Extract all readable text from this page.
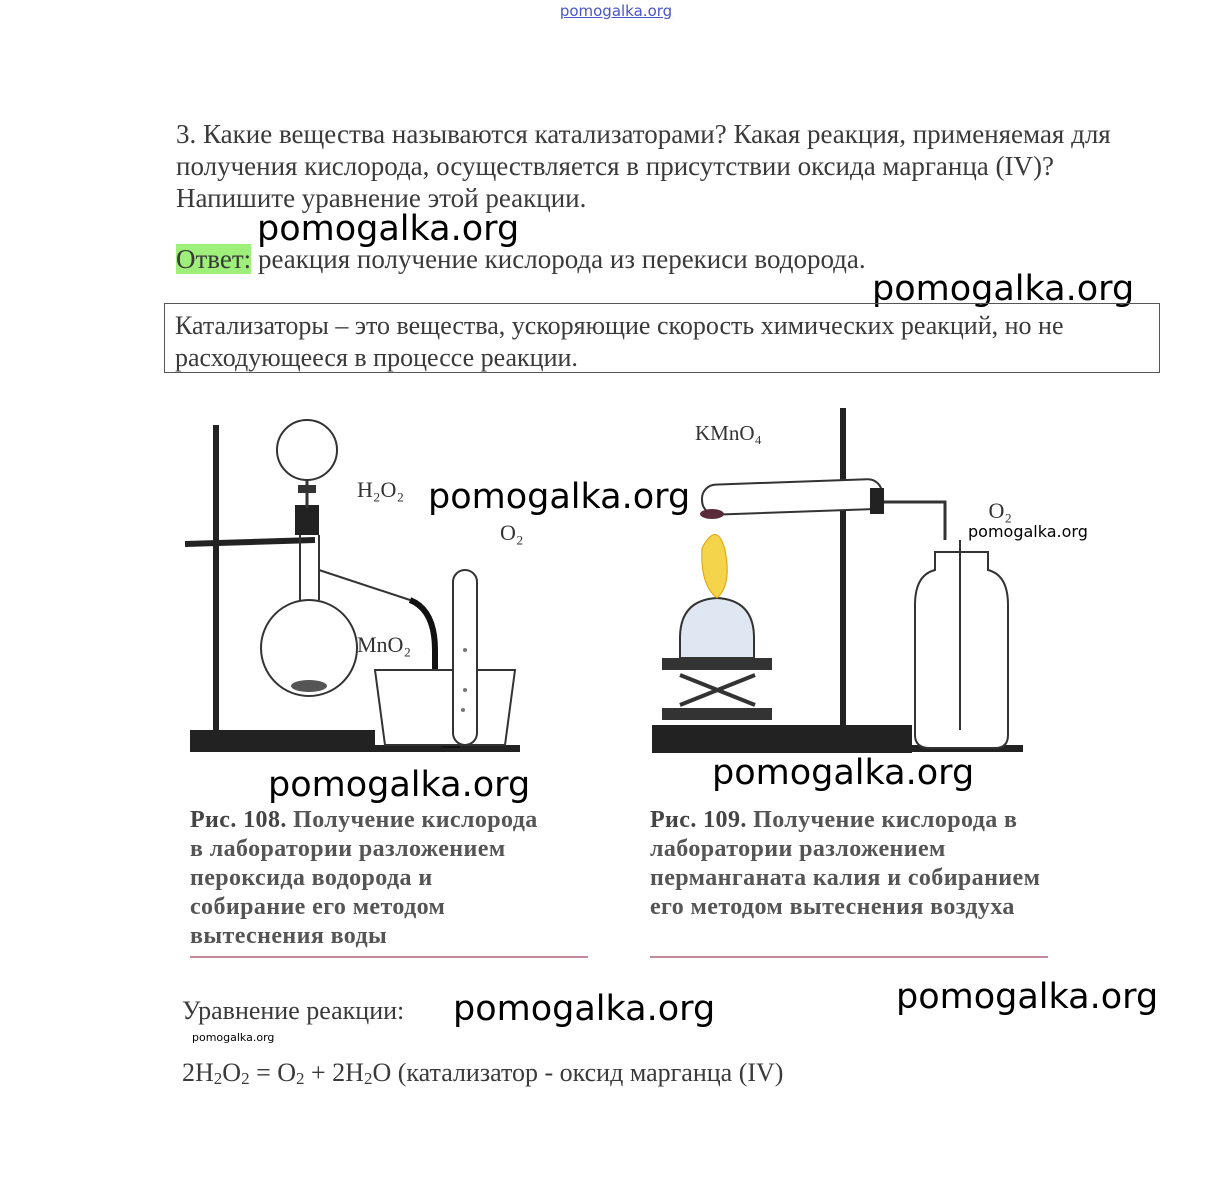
pomogalka.org
3. Какие вещества называются катализаторами? Какая реакция, применяемая для получения кислорода, осуществляется в присутствии оксида марганца (IV)? Напишите уравнение этой реакции.
pomogalka.org
Ответ: реакция получение кислорода из перекиси водорода.
pomogalka.org
Катализаторы – это вещества, ускоряющие скорость химических реакций, но не расходующееся в процессе реакции.
H₂O₂
O₂
MnO₂
KMnO₄
O₂
pomogalka.org
pomogalka.org
pomogalka.org	pomogalka.org
Рис. 108. Получение кислорода в лаборатории разложением пероксида водорода и собирание его методом вытеснения воды
Рис. 109. Получение кислорода в лаборатории разложением перманганата калия и собиранием его методом вытеснения воздуха
Уравнение реакции: pomogalka.org	pomogalka.org
pomogalka.org
$2H_2O_2 = O_2 + 2H_2O$ (катализатор - оксид марганца (IV)
